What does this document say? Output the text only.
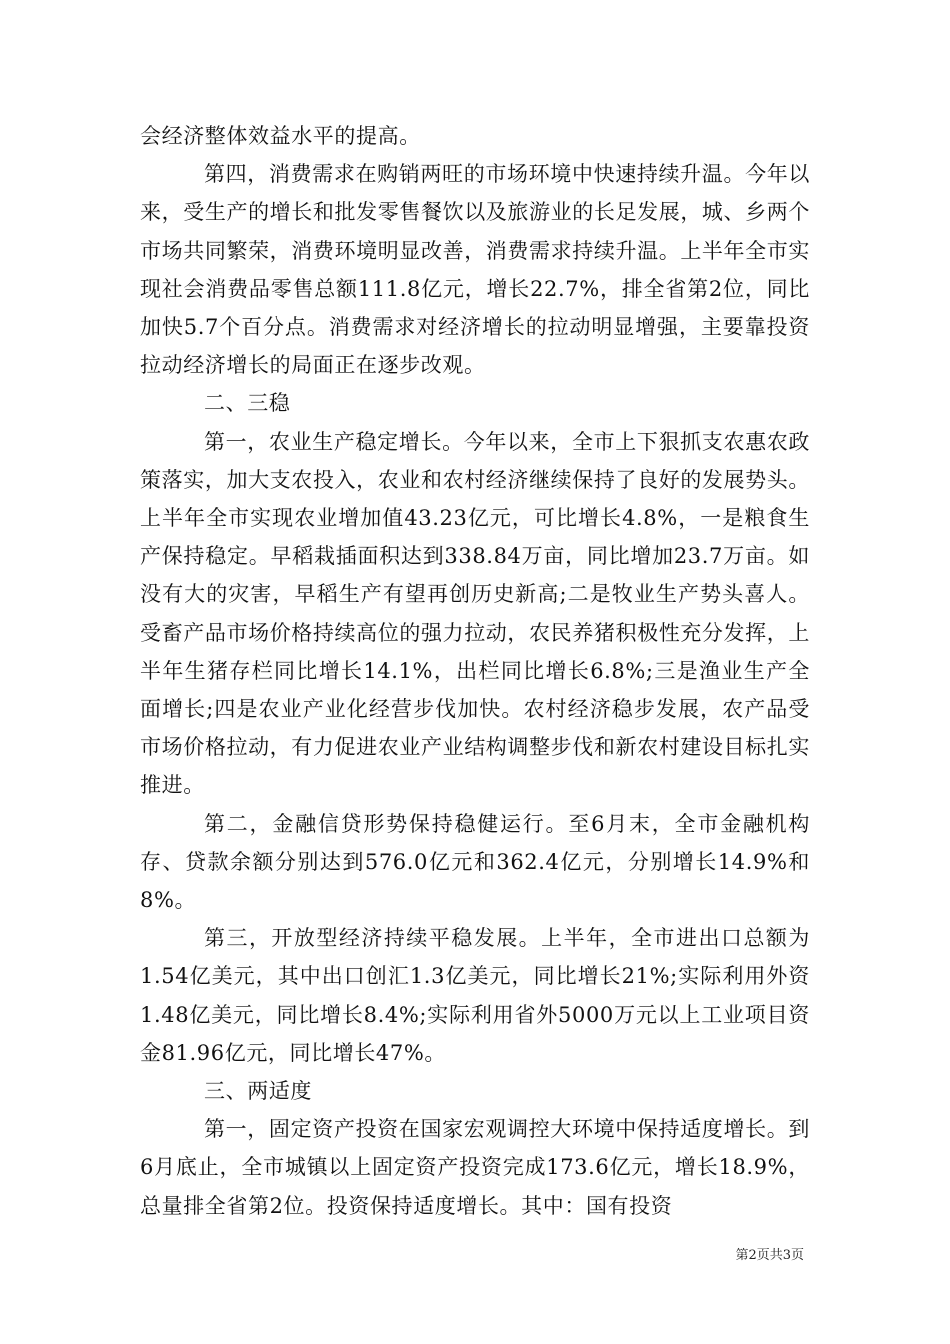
会经济整体效益水平的提高。

第四，消费需求在购销两旺的市场环境中快速持续升温。今年以来，受生产的增长和批发零售餐饮以及旅游业的长足发展，城、乡两个市场共同繁荣，消费环境明显改善，消费需求持续升温。上半年全市实现社会消费品零售总额111.8亿元，增长22.7%，排全省第2位，同比加快5.7个百分点。消费需求对经济增长的拉动明显增强，主要靠投资拉动经济增长的局面正在逐步改观。

二、三稳

第一，农业生产稳定增长。今年以来，全市上下狠抓支农惠农政策落实，加大支农投入，农业和农村经济继续保持了良好的发展势头。上半年全市实现农业增加值43.23亿元，可比增长4.8%，一是粮食生产保持稳定。早稻栽插面积达到338.84万亩，同比增加23.7万亩。如没有大的灾害，早稻生产有望再创历史新高;二是牧业生产势头喜人。受畜产品市场价格持续高位的强力拉动，农民养猪积极性充分发挥，上半年生猪存栏同比增长14.1%，出栏同比增长6.8%;三是渔业生产全面增长;四是农业产业化经营步伐加快。农村经济稳步发展，农产品受市场价格拉动，有力促进农业产业结构调整步伐和新农村建设目标扎实推进。

第二，金融信贷形势保持稳健运行。至6月末，全市金融机构存、贷款余额分别达到576.0亿元和362.4亿元，分别增长14.9%和8%。

第三，开放型经济持续平稳发展。上半年，全市进出口总额为1.54亿美元，其中出口创汇1.3亿美元，同比增长21%;实际利用外资1.48亿美元，同比增长8.4%;实际利用省外5000万元以上工业项目资金81.96亿元，同比增长47%。

三、两适度

第一，固定资产投资在国家宏观调控大环境中保持适度增长。到6月底止，全市城镇以上固定资产投资完成173.6亿元，增长18.9%，总量排全省第2位。投资保持适度增长。其中：国有投资

第2页共3页
